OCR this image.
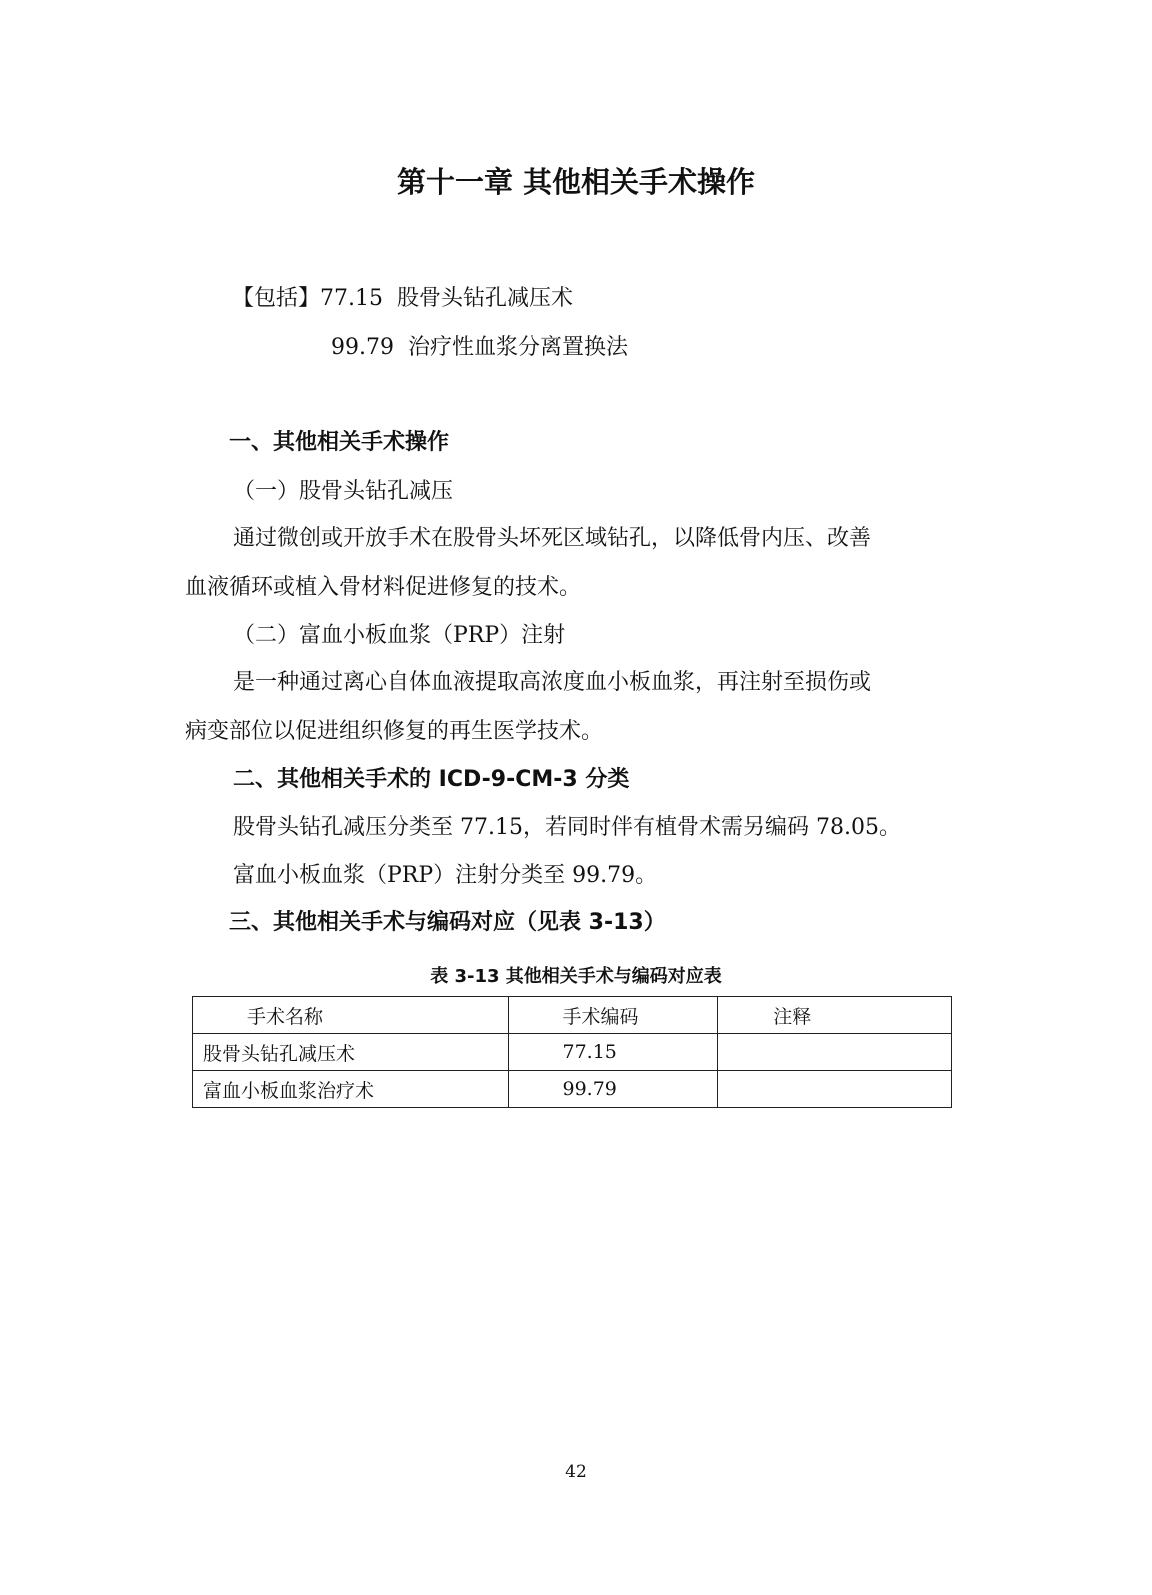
第十一章 其他相关手术操作
【包括】77.15 股骨头钻孔减压术
99.79 治疗性血浆分离置换法
一、其他相关手术操作
（一）股骨头钻孔减压
通过微创或开放手术在股骨头坏死区域钻孔，以降低骨内压、改善
血液循环或植入骨材料促进修复的技术。
（二）富血小板血浆（PRP）注射
是一种通过离心自体血液提取高浓度血小板血浆，再注射至损伤或
病变部位以促进组织修复的再生医学技术。
二、其他相关手术的 ICD-9-CM-3 分类
股骨头钻孔减压分类至 77.15，若同时伴有植骨术需另编码 78.05。
富血小板血浆（PRP）注射分类至 99.79。
三、其他相关手术与编码对应（见表 3-13）
表 3-13 其他相关手术与编码对应表
手术名称	手术编码	注释
股骨头钻孔减压术	77.15	
富血小板血浆治疗术	99.79	
42
